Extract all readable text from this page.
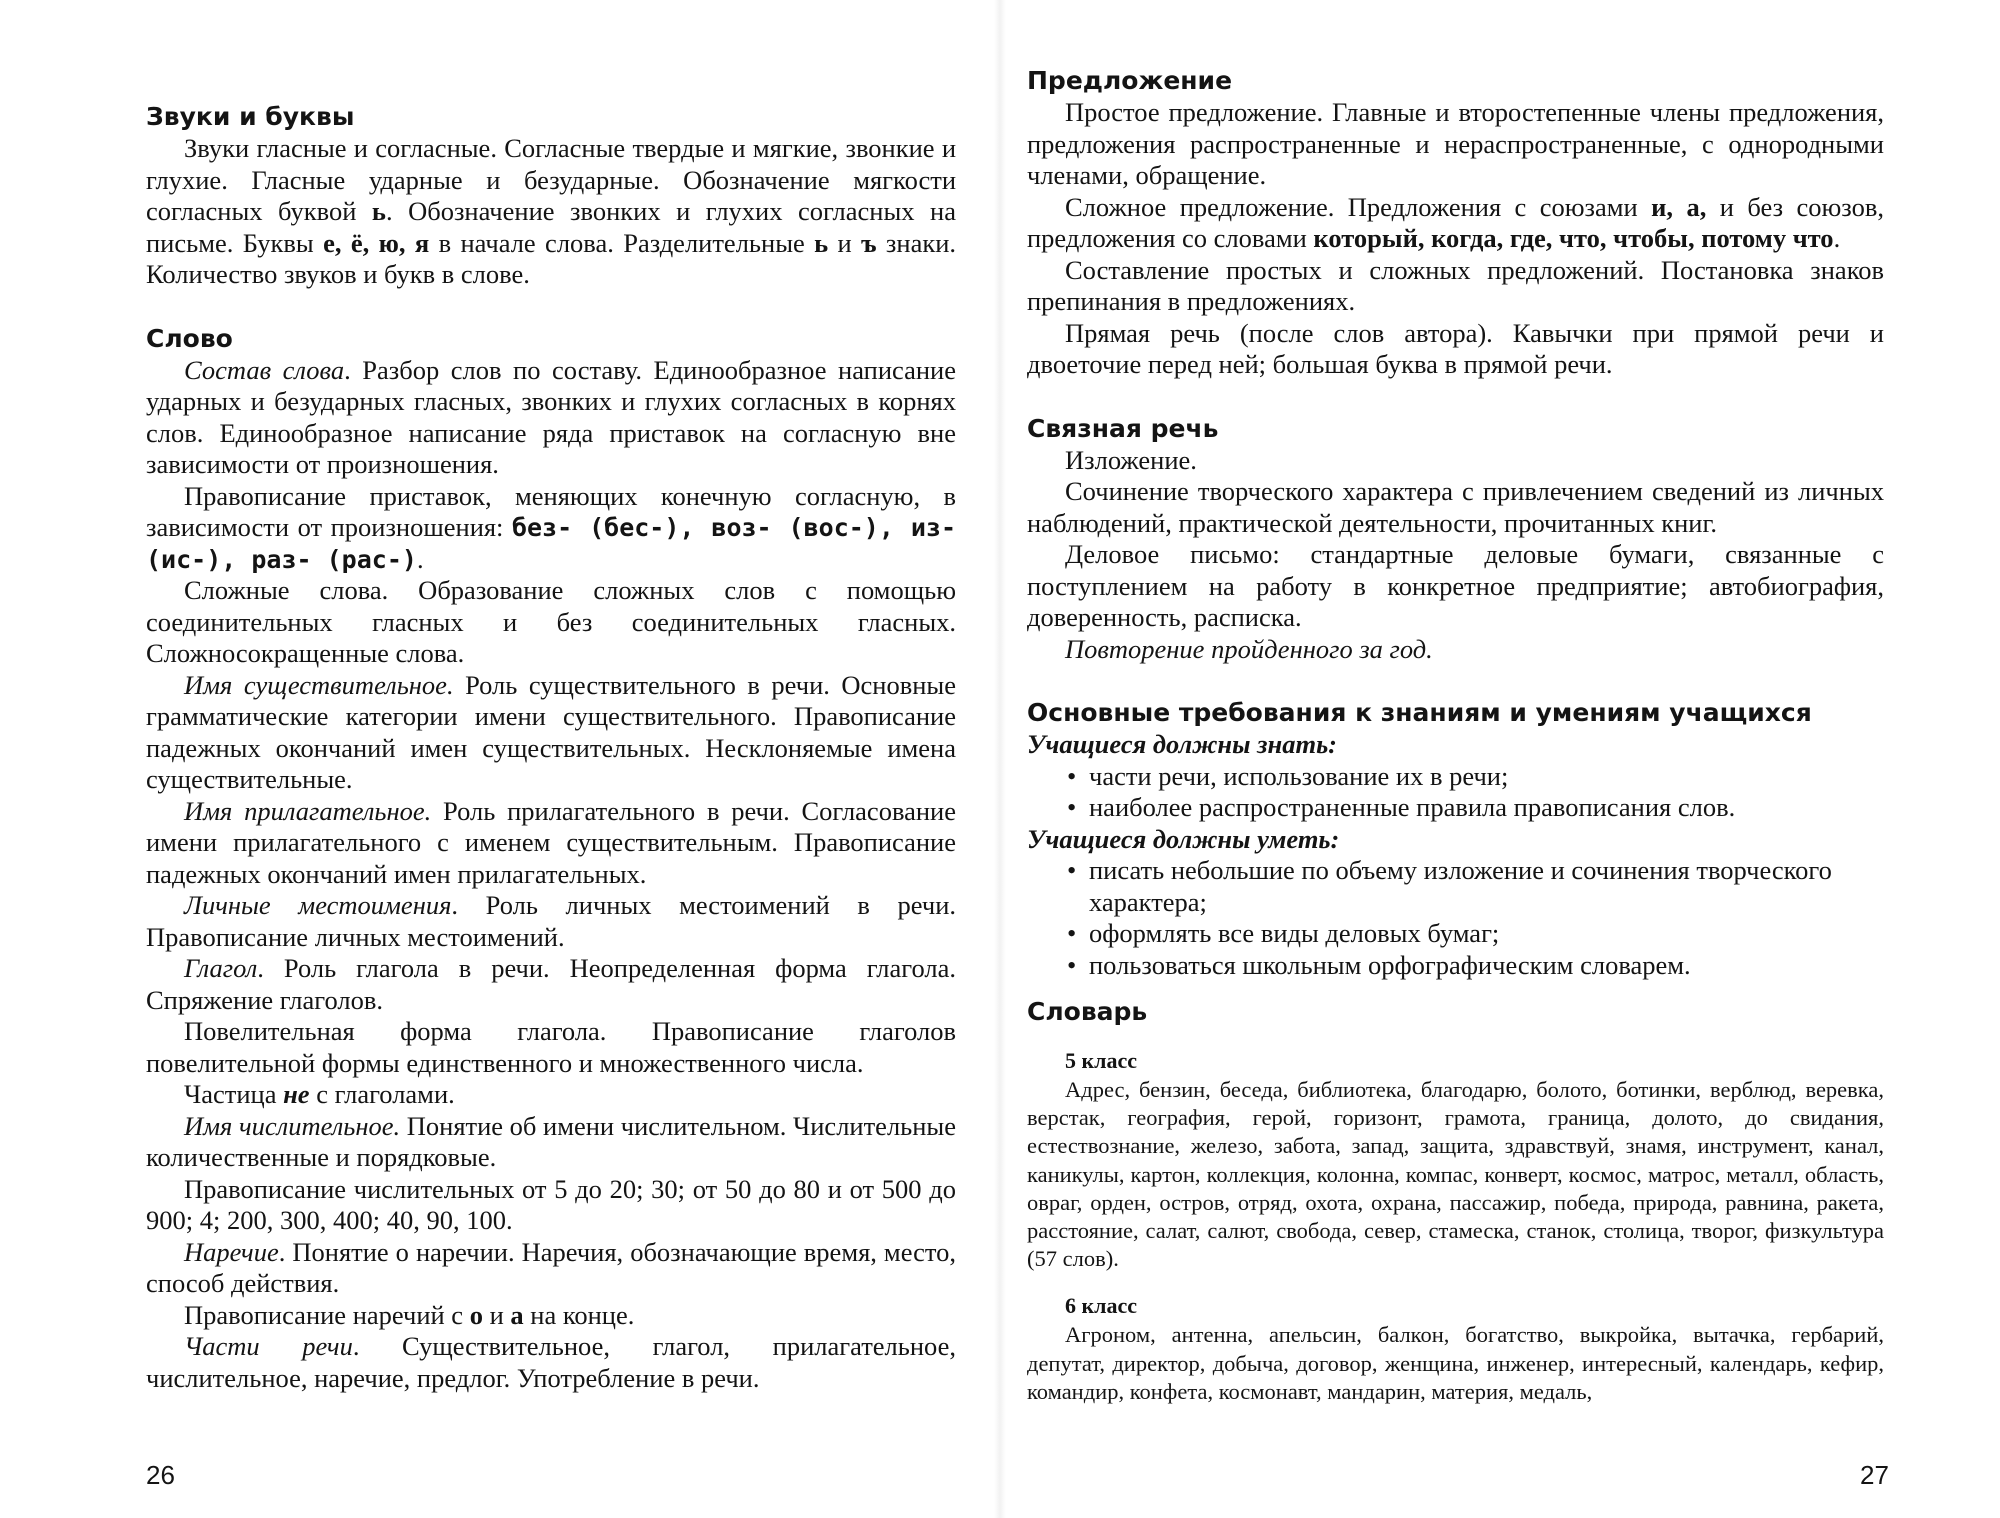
Звуки и буквы

Звуки гласные и согласные. Согласные твердые и мягкие, звонкие и глухие. Гласные ударные и безударные. Обозначение мягкости согласных буквой ь. Обозначение звонких и глухих согласных на письме. Буквы е, ё, ю, я в начале слова. Разделительные ь и ъ знаки. Количество звуков и букв в слове.

Слово

Состав слова. Разбор слов по составу. Единообразное написание ударных и безударных гласных, звонких и глухих согласных в корнях слов. Единообразное написание ряда приставок на согласную вне зависимости от произношения.

Правописание приставок, меняющих конечную согласную, в зависимости от произношения: без- (бес-), воз- (вос-), из- (ис-), раз- (рас-).

Сложные слова. Образование сложных слов с помощью соединительных гласных и без соединительных гласных. Сложносокращенные слова.

Имя существительное. Роль существительного в речи. Основные грамматические категории имени существительного. Правописание падежных окончаний имен существительных. Несклоняемые имена существительные.

Имя прилагательное. Роль прилагательного в речи. Согласование имени прилагательного с именем существительным. Правописание падежных окончаний имен прилагательных.

Личные местоимения. Роль личных местоимений в речи. Правописание личных местоимений.

Глагол. Роль глагола в речи. Неопределенная форма глагола. Спряжение глаголов.

Повелительная форма глагола. Правописание глаголов повелительной формы единственного и множественного числа.

Частица не с глаголами.

Имя числительное. Понятие об имени числительном. Числительные количественные и порядковые.

Правописание числительных от 5 до 20; 30; от 50 до 80 и от 500 до 900; 4; 200, 300, 400; 40, 90, 100.

Наречие. Понятие о наречии. Наречия, обозначающие время, место, способ действия.

Правописание наречий с о и а на конце.

Части речи. Существительное, глагол, прилагательное, числительное, наречие, предлог. Употребление в речи.

26
Предложение

Простое предложение. Главные и второстепенные члены предложения, предложения распространенные и нераспространенные, с однородными членами, обращение.

Сложное предложение. Предложения с союзами и, а, и без союзов, предложения со словами который, когда, где, что, чтобы, потому что.

Составление простых и сложных предложений. Постановка знаков препинания в предложениях.

Прямая речь (после слов автора). Кавычки при прямой речи и двоеточие перед ней; большая буква в прямой речи.

Связная речь

Изложение.

Сочинение творческого характера с привлечением сведений из личных наблюдений, практической деятельности, прочитанных книг.

Деловое письмо: стандартные деловые бумаги, связанные с поступлением на работу в конкретное предприятие; автобиография, доверенность, расписка.

Повторение пройденного за год.

Основные требования к знаниям и умениям учащихся

Учащиеся должны знать:

• части речи, использование их в речи;
• наиболее распространенные правила правописания слов.

Учащиеся должны уметь:

• писать небольшие по объему изложение и сочинения творческого характера;
• оформлять все виды деловых бумаг;
• пользоваться школьным орфографическим словарем.
Словарь

5 класс

Адрес, бензин, беседа, библиотека, благодарю, болото, ботинки, верблюд, веревка, верстак, география, герой, горизонт, грамота, граница, долото, до свидания, естествознание, железо, забота, запад, защита, здравствуй, знамя, инструмент, канал, каникулы, картон, коллекция, колонна, компас, конверт, космос, матрос, металл, область, овраг, орден, остров, отряд, охота, охрана, пассажир, победа, природа, равнина, ракета, расстояние, салат, салют, свобода, север, стамеска, станок, столица, творог, физкультура (57 слов).

6 класс

Агроном, антенна, апельсин, балкон, богатство, выкройка, вытачка, гербарий, депутат, директор, добыча, договор, женщина, инженер, интересный, календарь, кефир, командир, конфета, космонавт, мандарин, материя, медаль,

27
